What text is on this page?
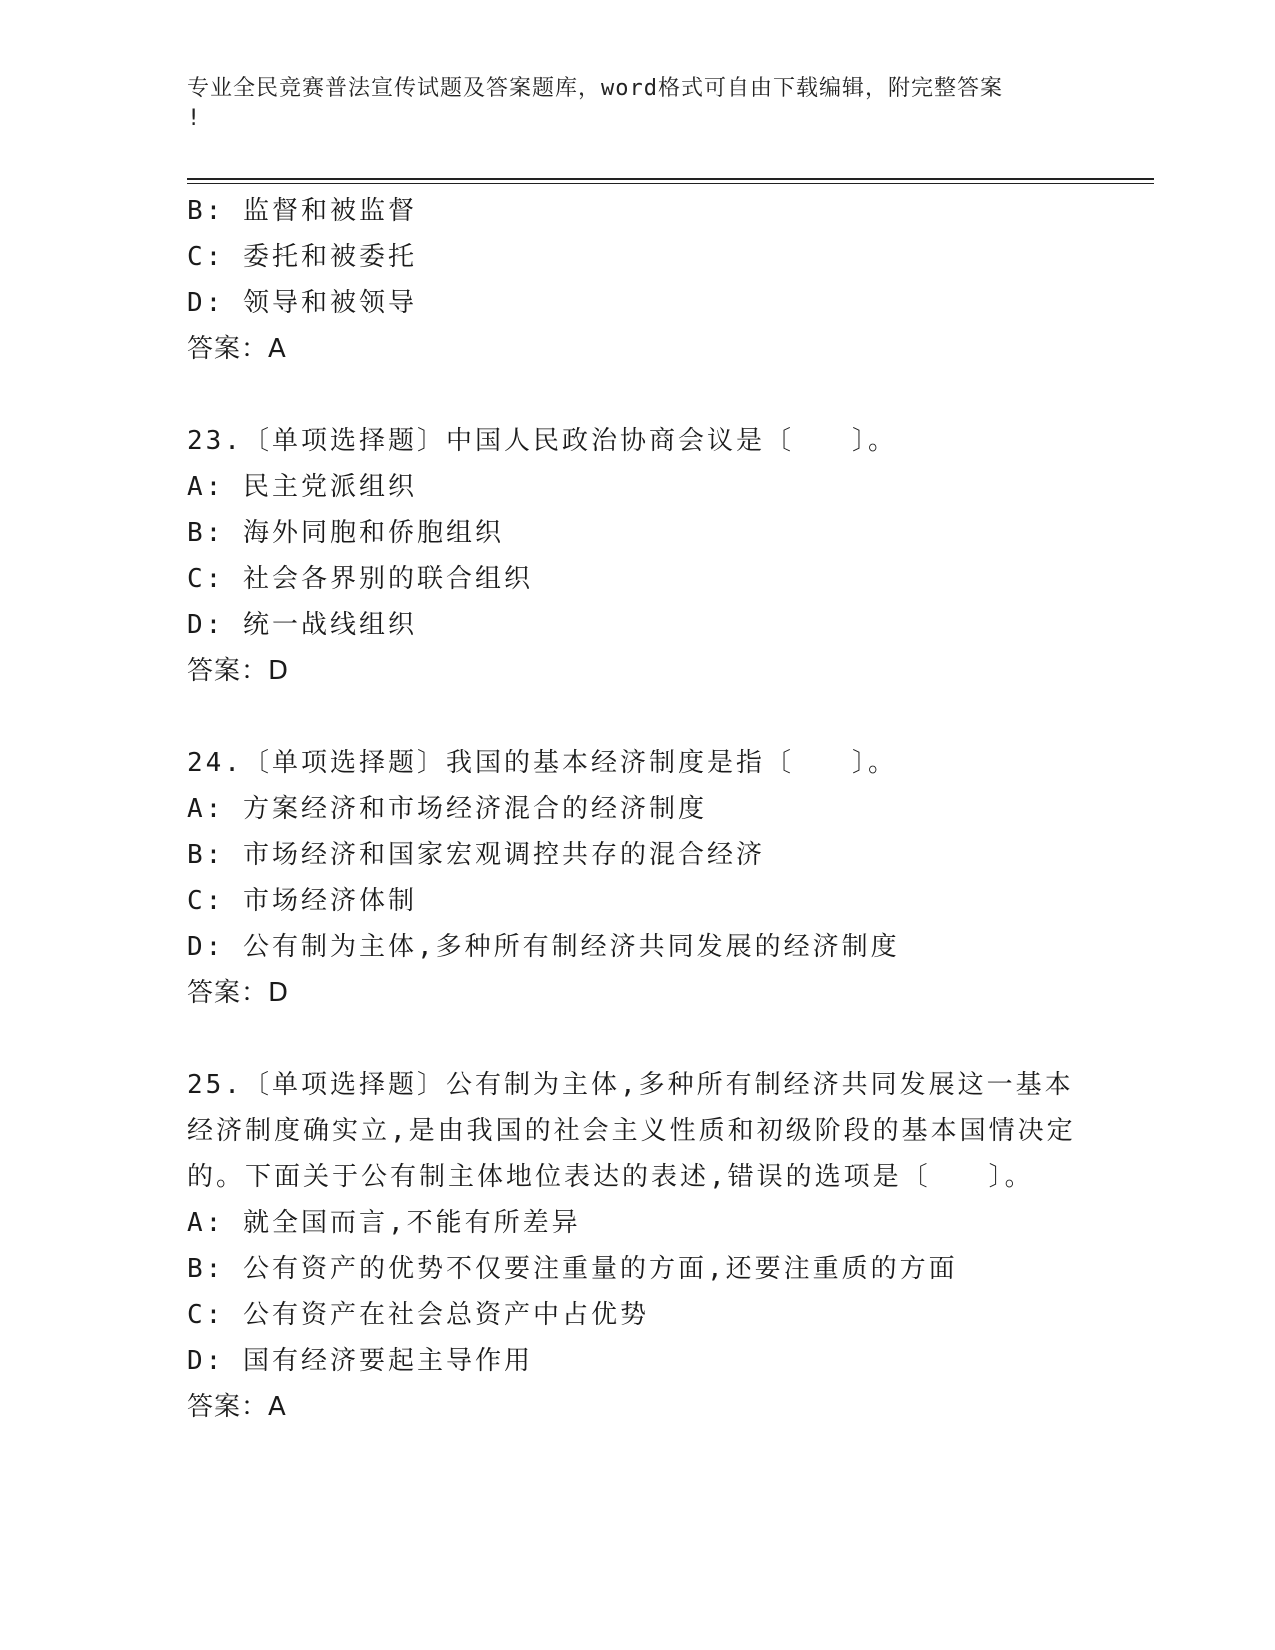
专业全民竞赛普法宣传试题及答案题库，word格式可自由下载编辑，附完整答案
!
B: 监督和被监督
C: 委托和被委托
D: 领导和被领导
答案：A
23.〔单项选择题〕中国人民政治协商会议是〔　　〕。
A: 民主党派组织
B: 海外同胞和侨胞组织
C: 社会各界别的联合组织
D: 统一战线组织
答案：D
24.〔单项选择题〕我国的基本经济制度是指〔　　〕。
A: 方案经济和市场经济混合的经济制度
B: 市场经济和国家宏观调控共存的混合经济
C: 市场经济体制
D: 公有制为主体,多种所有制经济共同发展的经济制度
答案：D
25.〔单项选择题〕公有制为主体,多种所有制经济共同发展这一基本
经济制度确实立,是由我国的社会主义性质和初级阶段的基本国情决定
的。下面关于公有制主体地位表达的表述,错误的选项是〔　　〕。
A: 就全国而言,不能有所差异
B: 公有资产的优势不仅要注重量的方面,还要注重质的方面
C: 公有资产在社会总资产中占优势
D: 国有经济要起主导作用
答案：A
